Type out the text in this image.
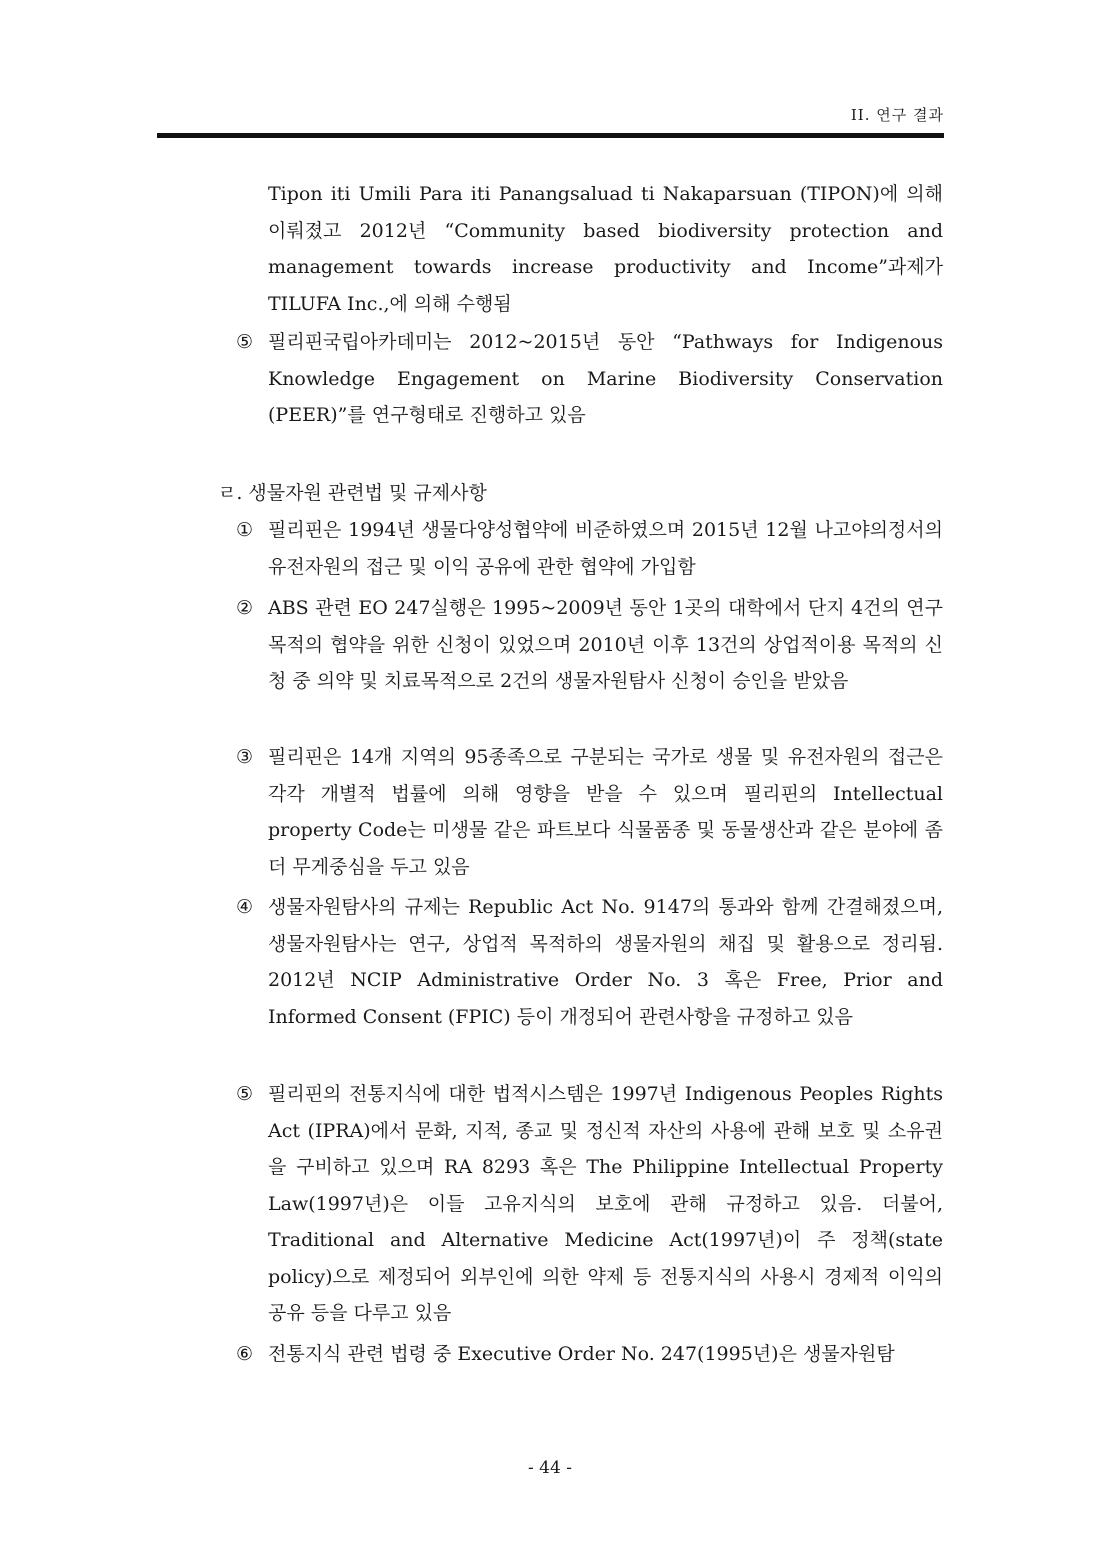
II. 연구 결과

Tipon iti Umili Para iti Panangsaluad ti Nakaparsuan (TIPON)에 의해 이뤄졌고 2012년 “Community based biodiversity protection and management towards increase productivity and Income”과제가 TILUFA Inc.,에 의해 수행됨

⑤ 필리핀국립아카데미는 2012~2015년 동안 “Pathways for Indigenous Knowledge Engagement on Marine Biodiversity Conservation (PEER)”를 연구형태로 진행하고 있음
ㄹ. 생물자원 관련법 및 규제사항
① 필리핀은 1994년 생물다양성협약에 비준하였으며 2015년 12월 나고야의정서의 유전자원의 접근 및 이익 공유에 관한 협약에 가입함
② ABS 관련 EO 247실행은 1995~2009년 동안 1곳의 대학에서 단지 4건의 연구목적의 협약을 위한 신청이 있었으며 2010년 이후 13건의 상업적이용 목적의 신청 중 의약 및 치료목적으로 2건의 생물자원탐사 신청이 승인을 받았음
③ 필리핀은 14개 지역의 95종족으로 구분되는 국가로 생물 및 유전자원의 접근은 각각 개별적 법률에 의해 영향을 받을 수 있으며 필리핀의 Intellectual property Code는 미생물 같은 파트보다 식물품종 및 동물생산과 같은 분야에 좀 더 무게중심을 두고 있음
④ 생물자원탐사의 규제는 Republic Act No. 9147의 통과와 함께 간결해졌으며, 생물자원탐사는 연구, 상업적 목적하의 생물자원의 채집 및 활용으로 정리됨. 2012년 NCIP Administrative Order No. 3 혹은 Free, Prior and Informed Consent (FPIC) 등이 개정되어 관련사항을 규정하고 있음
⑤ 필리핀의 전통지식에 대한 법적시스템은 1997년 Indigenous Peoples Rights Act (IPRA)에서 문화, 지적, 종교 및 정신적 자산의 사용에 관해 보호 및 소유권을 구비하고 있으며 RA 8293 혹은 The Philippine Intellectual Property Law(1997년)은 이들 고유지식의 보호에 관해 규정하고 있음. 더불어, Traditional and Alternative Medicine Act(1997년)이 주 정책(state policy)으로 제정되어 외부인에 의한 약제 등 전통지식의 사용시 경제적 이익의 공유 등을 다루고 있음
⑥ 전통지식 관련 법령 중 Executive Order No. 247(1995년)은 생물자원탐
- 44 -
